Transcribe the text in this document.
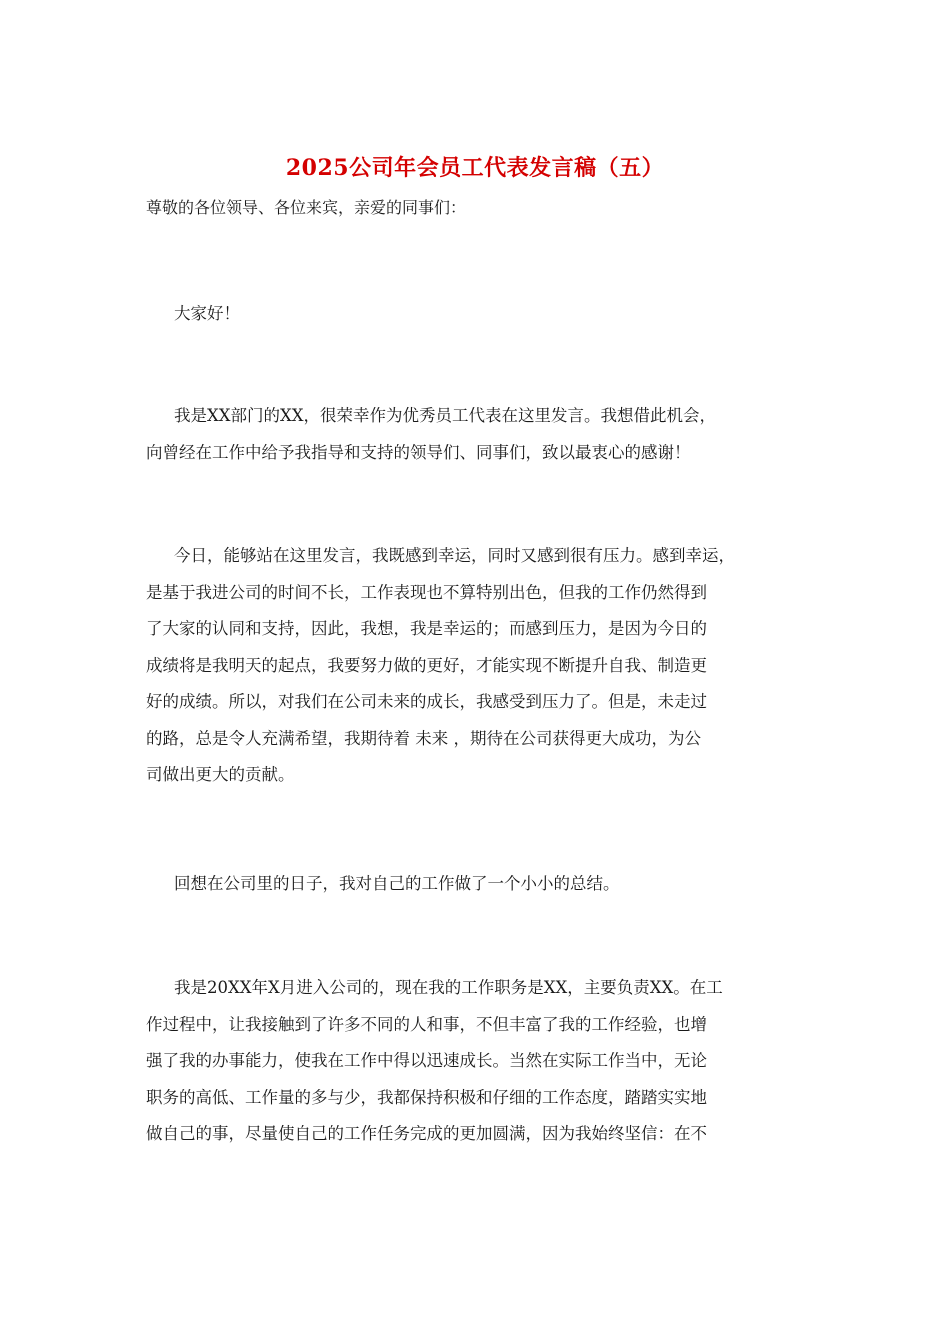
2025公司年会员工代表发言稿（五）
尊敬的各位领导、各位来宾，亲爱的同事们：
大家好！
我是XX部门的XX，很荣幸作为优秀员工代表在这里发言。我想借此机会，
向曾经在工作中给予我指导和支持的领导们、同事们，致以最衷心的感谢！
今日，能够站在这里发言，我既感到幸运，同时又感到很有压力。感到幸运，
是基于我进公司的时间不长，工作表现也不算特别出色，但我的工作仍然得到
了大家的认同和支持，因此，我想，我是幸运的；而感到压力，是因为今日的
成绩将是我明天的起点，我要努力做的更好，才能实现不断提升自我、制造更
好的成绩。所以，对我们在公司未来的成长，我感受到压力了。但是，未走过
的路，总是令人充满希望，我期待着 未来 ，期待在公司获得更大成功，为公
司做出更大的贡献。
回想在公司里的日子，我对自己的工作做了一个小小的总结。
我是20XX年X月进入公司的，现在我的工作职务是XX，主要负责XX。在工
作过程中，让我接触到了许多不同的人和事，不但丰富了我的工作经验，也增
强了我的办事能力，使我在工作中得以迅速成长。当然在实际工作当中，无论
职务的高低、工作量的多与少，我都保持积极和仔细的工作态度，踏踏实实地
做自己的事，尽量使自己的工作任务完成的更加圆满，因为我始终坚信：在不
